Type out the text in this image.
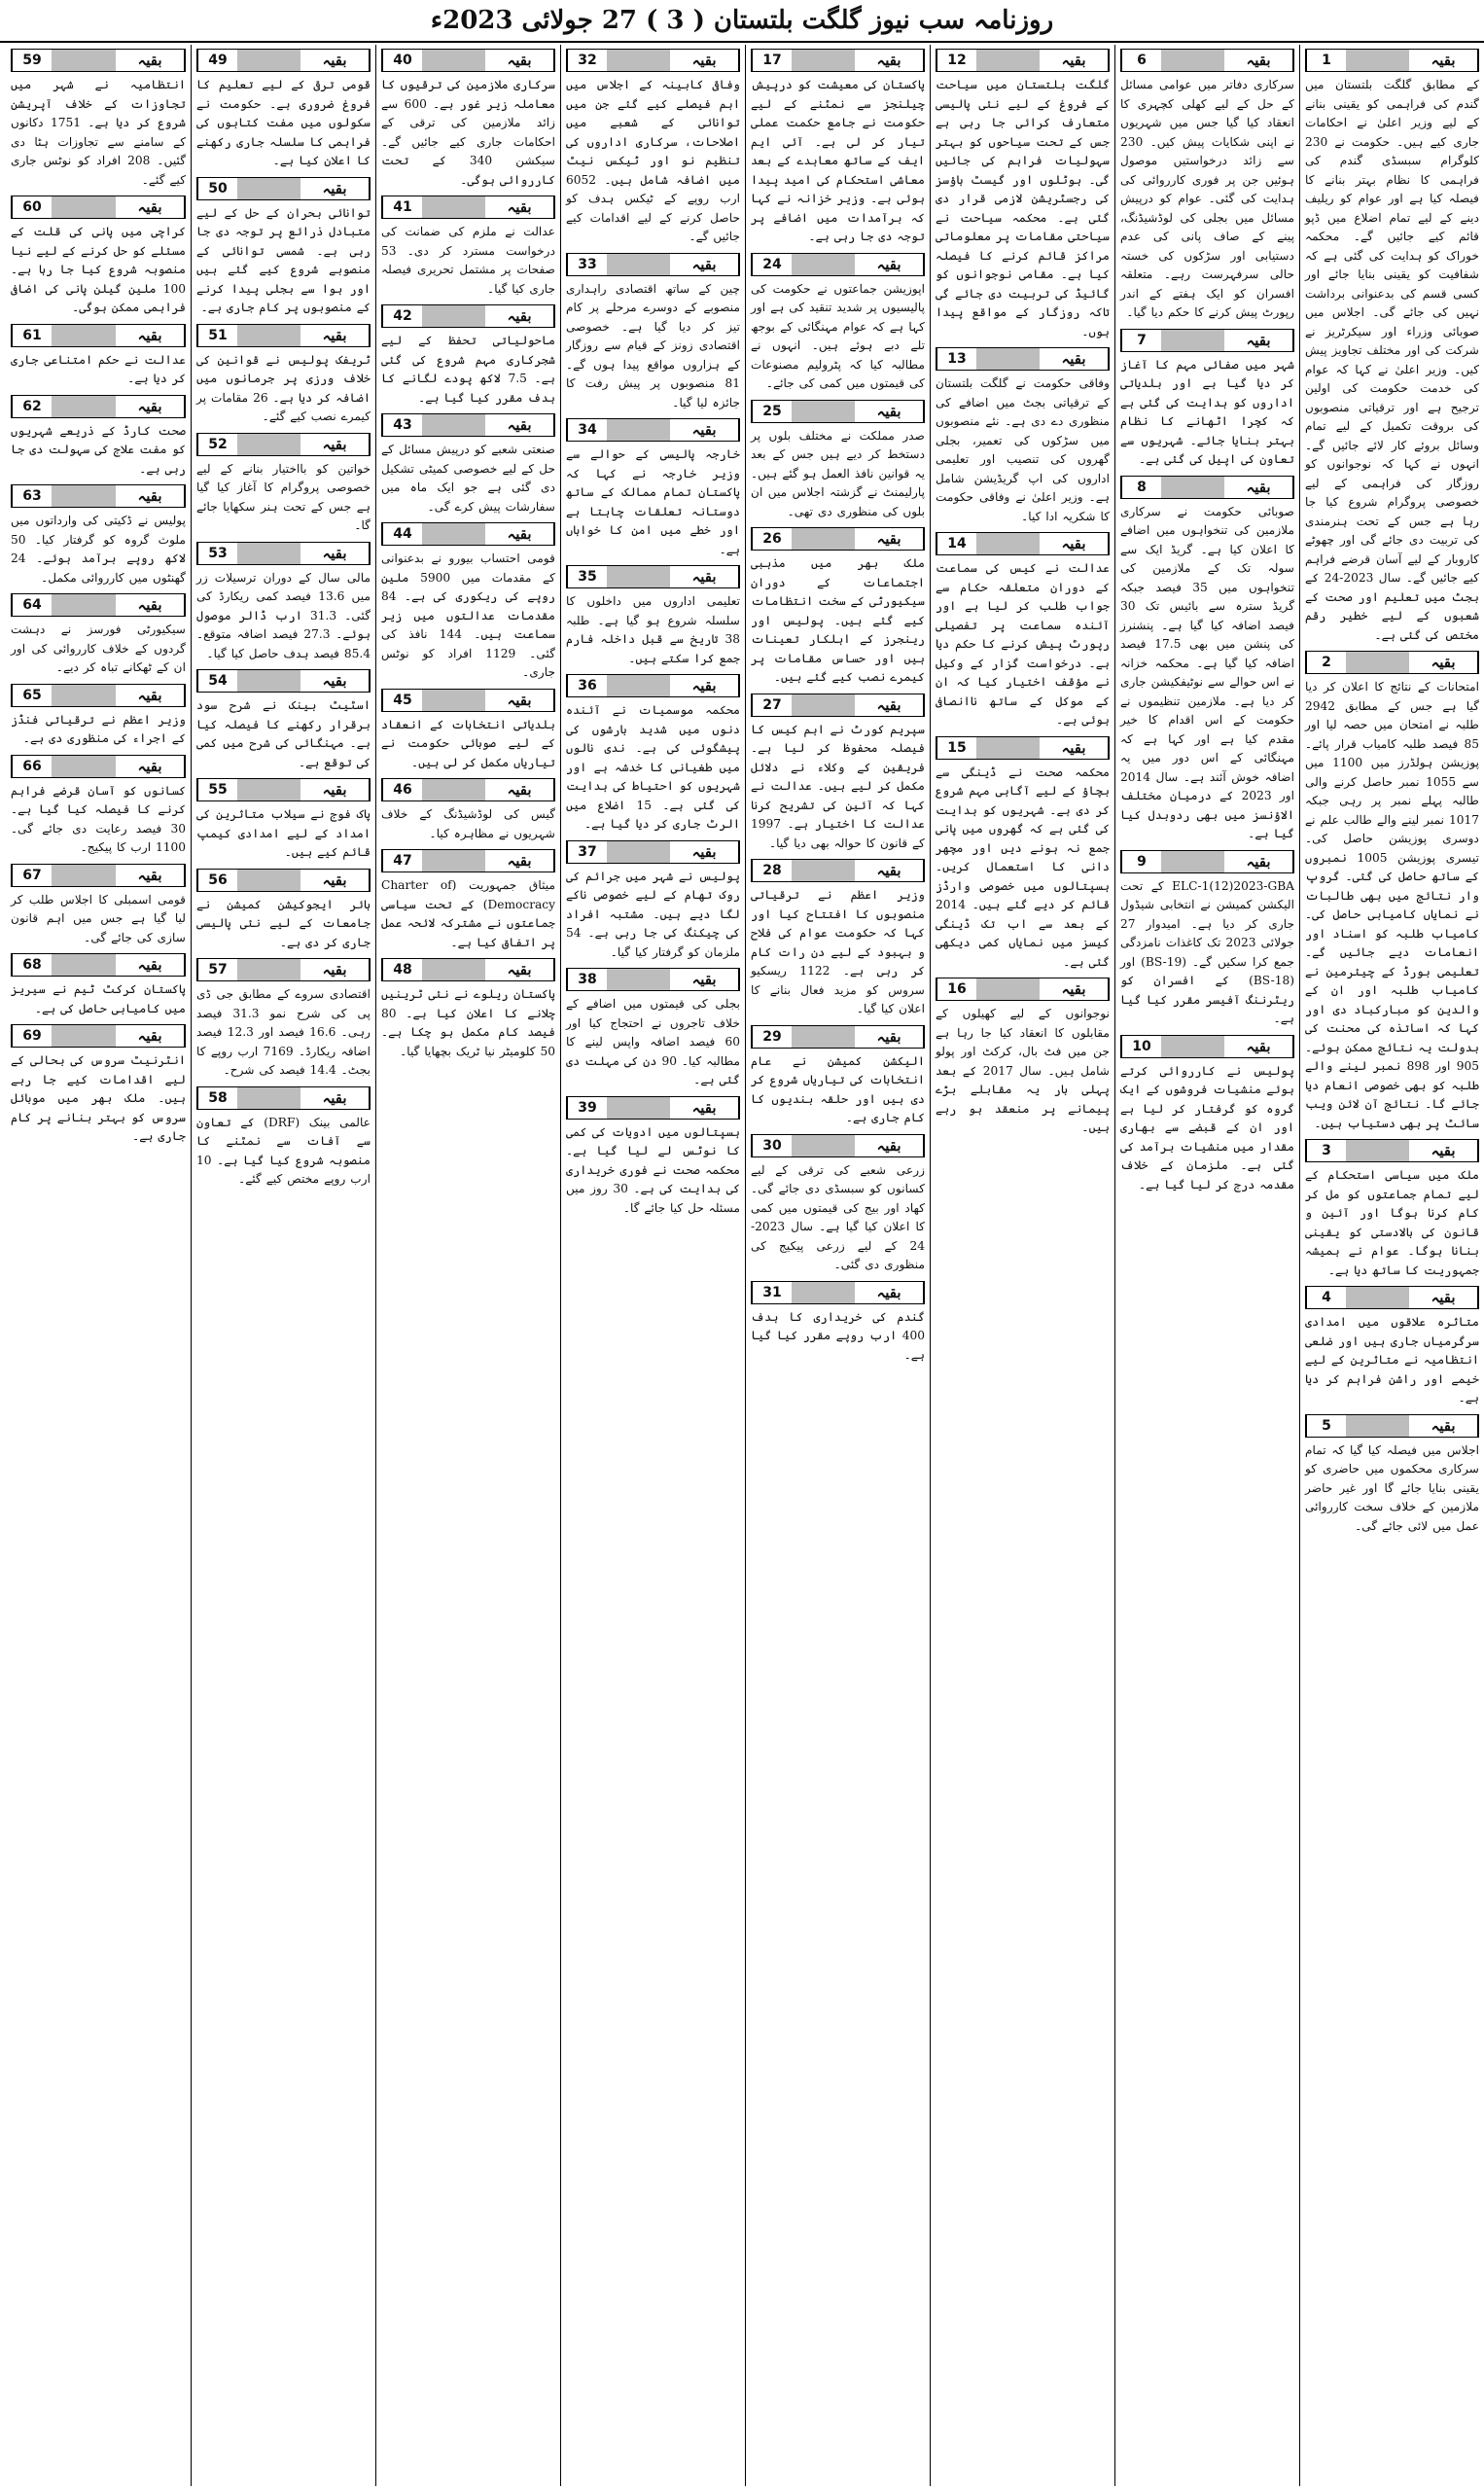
روزنامہ سب نیوز گلگت بلتستان ( 3 ) 27 جولائی 2023ء
1	بقیہ
کے مطابق گلگت بلتستان میں گندم کی فراہمی کو یقینی بنانے کے لیے وزیر اعلیٰ نے احکامات جاری کیے ہیں۔ حکومت نے 230 کلوگرام سبسڈی گندم کی فراہمی کا نظام بہتر بنانے کا فیصلہ کیا ہے اور عوام کو ریلیف دینے کے لیے تمام اضلاع میں ڈپو قائم کیے جائیں گے۔ محکمہ خوراک کو ہدایت کی گئی ہے کہ شفافیت کو یقینی بنایا جائے اور کسی قسم کی بدعنوانی برداشت نہیں کی جائے گی۔ اجلاس میں صوبائی وزراء اور سیکرٹریز نے شرکت کی اور مختلف تجاویز پیش کیں۔ وزیر اعلیٰ نے کہا کہ عوام کی خدمت حکومت کی اولین ترجیح ہے اور ترقیاتی منصوبوں کی بروقت تکمیل کے لیے تمام وسائل بروئے کار لائے جائیں گے۔ انہوں نے کہا کہ نوجوانوں کو روزگار کی فراہمی کے لیے خصوصی پروگرام شروع کیا جا رہا ہے جس کے تحت ہنرمندی کی تربیت دی جائے گی اور چھوٹے کاروبار کے لیے آسان قرضے فراہم کیے جائیں گے۔ سال 2023-24 کے بجٹ میں تعلیم اور صحت کے شعبوں کے لیے خطیر رقم مختص کی گئی ہے۔
2	بقیہ
امتحانات کے نتائج کا اعلان کر دیا گیا ہے جس کے مطابق 2942 طلبہ نے امتحان میں حصہ لیا اور 85 فیصد طلبہ کامیاب قرار پائے۔ پوزیشن ہولڈرز میں 1100 میں سے 1055 نمبر حاصل کرنے والی طالبہ پہلے نمبر پر رہی جبکہ 1017 نمبر لینے والے طالب علم نے دوسری پوزیشن حاصل کی۔ تیسری پوزیشن 1005 نمبروں کے ساتھ حاصل کی گئی۔ گروپ وار نتائج میں بھی طالبات نے نمایاں کامیابی حاصل کی۔ کامیاب طلبہ کو اسناد اور انعامات دیے جائیں گے۔ تعلیمی بورڈ کے چیئرمین نے کامیاب طلبہ اور ان کے والدین کو مبارکباد دی اور کہا کہ اساتذہ کی محنت کی بدولت یہ نتائج ممکن ہوئے۔ 905 اور 898 نمبر لینے والے طلبہ کو بھی خصوصی انعام دیا جائے گا۔ نتائج آن لائن ویب سائٹ پر بھی دستیاب ہیں۔
3	بقیہ
ملک میں سیاسی استحکام کے لیے تمام جماعتوں کو مل کر کام کرنا ہوگا اور آئین و قانون کی بالادستی کو یقینی بنانا ہوگا۔ عوام نے ہمیشہ جمہوریت کا ساتھ دیا ہے۔
4	بقیہ
متاثرہ علاقوں میں امدادی سرگرمیاں جاری ہیں اور ضلعی انتظامیہ نے متاثرین کے لیے خیمے اور راشن فراہم کر دیا ہے۔
5	بقیہ
اجلاس میں فیصلہ کیا گیا کہ تمام سرکاری محکموں میں حاضری کو یقینی بنایا جائے گا اور غیر حاضر ملازمین کے خلاف سخت کارروائی عمل میں لائی جائے گی۔
6	بقیہ
سرکاری دفاتر میں عوامی مسائل کے حل کے لیے کھلی کچہری کا انعقاد کیا گیا جس میں شہریوں نے اپنی شکایات پیش کیں۔ 230 سے زائد درخواستیں موصول ہوئیں جن پر فوری کارروائی کی ہدایت کی گئی۔ عوام کو درپیش مسائل میں بجلی کی لوڈشیڈنگ، پینے کے صاف پانی کی عدم دستیابی اور سڑکوں کی خستہ حالی سرفہرست رہے۔ متعلقہ افسران کو ایک ہفتے کے اندر رپورٹ پیش کرنے کا حکم دیا گیا۔
7	بقیہ
شہر میں صفائی مہم کا آغاز کر دیا گیا ہے اور بلدیاتی اداروں کو ہدایت کی گئی ہے کہ کچرا اٹھانے کا نظام بہتر بنایا جائے۔ شہریوں سے تعاون کی اپیل کی گئی ہے۔
8	بقیہ
صوبائی حکومت نے سرکاری ملازمین کی تنخواہوں میں اضافے کا اعلان کیا ہے۔ گریڈ ایک سے سولہ تک کے ملازمین کی تنخواہوں میں 35 فیصد جبکہ گریڈ سترہ سے بائیس تک 30 فیصد اضافہ کیا گیا ہے۔ پنشنرز کی پنشن میں بھی 17.5 فیصد اضافہ کیا گیا ہے۔ محکمہ خزانہ نے اس حوالے سے نوٹیفکیشن جاری کر دیا ہے۔ ملازمین تنظیموں نے حکومت کے اس اقدام کا خیر مقدم کیا ہے اور کہا ہے کہ مہنگائی کے اس دور میں یہ اضافہ خوش آئند ہے۔ سال 2014 اور 2023 کے درمیان مختلف الاؤنسز میں بھی ردوبدل کیا گیا ہے۔
9	بقیہ
ELC-1(12)2023-GBA کے تحت الیکشن کمیشن نے انتخابی شیڈول جاری کر دیا ہے۔ امیدوار 27 جولائی 2023 تک کاغذات نامزدگی جمع کرا سکیں گے۔ (BS-19) اور (BS-18) کے افسران کو ریٹرننگ آفیسر مقرر کیا گیا ہے۔
10	بقیہ
پولیس نے کارروائی کرتے ہوئے منشیات فروشوں کے ایک گروہ کو گرفتار کر لیا ہے اور ان کے قبضے سے بھاری مقدار میں منشیات برآمد کی گئی ہے۔ ملزمان کے خلاف مقدمہ درج کر لیا گیا ہے۔
12	بقیہ
گلگت بلتستان میں سیاحت کے فروغ کے لیے نئی پالیسی متعارف کرائی جا رہی ہے جس کے تحت سیاحوں کو بہتر سہولیات فراہم کی جائیں گی۔ ہوٹلوں اور گیسٹ ہاؤسز کی رجسٹریشن لازمی قرار دی گئی ہے۔ محکمہ سیاحت نے سیاحتی مقامات پر معلوماتی مراکز قائم کرنے کا فیصلہ کیا ہے۔ مقامی نوجوانوں کو گائیڈ کی تربیت دی جائے گی تاکہ روزگار کے مواقع پیدا ہوں۔
13	بقیہ
وفاقی حکومت نے گلگت بلتستان کے ترقیاتی بجٹ میں اضافے کی منظوری دے دی ہے۔ نئے منصوبوں میں سڑکوں کی تعمیر، بجلی گھروں کی تنصیب اور تعلیمی اداروں کی اپ گریڈیشن شامل ہے۔ وزیر اعلیٰ نے وفاقی حکومت کا شکریہ ادا کیا۔
14	بقیہ
عدالت نے کیس کی سماعت کے دوران متعلقہ حکام سے جواب طلب کر لیا ہے اور آئندہ سماعت پر تفصیلی رپورٹ پیش کرنے کا حکم دیا ہے۔ درخواست گزار کے وکیل نے مؤقف اختیار کیا کہ ان کے موکل کے ساتھ ناانصافی ہوئی ہے۔
15	بقیہ
محکمہ صحت نے ڈینگی سے بچاؤ کے لیے آگاہی مہم شروع کر دی ہے۔ شہریوں کو ہدایت کی گئی ہے کہ گھروں میں پانی جمع نہ ہونے دیں اور مچھر دانی کا استعمال کریں۔ ہسپتالوں میں خصوصی وارڈز قائم کر دیے گئے ہیں۔ 2014 کے بعد سے اب تک ڈینگی کیسز میں نمایاں کمی دیکھی گئی ہے۔
16	بقیہ
نوجوانوں کے لیے کھیلوں کے مقابلوں کا انعقاد کیا جا رہا ہے جن میں فٹ بال، کرکٹ اور پولو شامل ہیں۔ سال 2017 کے بعد پہلی بار یہ مقابلے بڑے پیمانے پر منعقد ہو رہے ہیں۔
17	بقیہ
پاکستان کی معیشت کو درپیش چیلنجز سے نمٹنے کے لیے حکومت نے جامع حکمت عملی تیار کر لی ہے۔ آئی ایم ایف کے ساتھ معاہدے کے بعد معاشی استحکام کی امید پیدا ہوئی ہے۔ وزیر خزانہ نے کہا کہ برآمدات میں اضافے پر توجہ دی جا رہی ہے۔
24	بقیہ
اپوزیشن جماعتوں نے حکومت کی پالیسیوں پر شدید تنقید کی ہے اور کہا ہے کہ عوام مہنگائی کے بوجھ تلے دبے ہوئے ہیں۔ انہوں نے مطالبہ کیا کہ پٹرولیم مصنوعات کی قیمتوں میں کمی کی جائے۔
25	بقیہ
صدر مملکت نے مختلف بلوں پر دستخط کر دیے ہیں جس کے بعد یہ قوانین نافذ العمل ہو گئے ہیں۔ پارلیمنٹ نے گزشتہ اجلاس میں ان بلوں کی منظوری دی تھی۔
26	بقیہ
ملک بھر میں مذہبی اجتماعات کے دوران سیکیورٹی کے سخت انتظامات کیے گئے ہیں۔ پولیس اور رینجرز کے اہلکار تعینات ہیں اور حساس مقامات پر کیمرے نصب کیے گئے ہیں۔
27	بقیہ
سپریم کورٹ نے اہم کیس کا فیصلہ محفوظ کر لیا ہے۔ فریقین کے وکلاء نے دلائل مکمل کر لیے ہیں۔ عدالت نے کہا کہ آئین کی تشریح کرنا عدالت کا اختیار ہے۔ 1997 کے قانون کا حوالہ بھی دیا گیا۔
28	بقیہ
وزیر اعظم نے ترقیاتی منصوبوں کا افتتاح کیا اور کہا کہ حکومت عوام کی فلاح و بہبود کے لیے دن رات کام کر رہی ہے۔ 1122 ریسکیو سروس کو مزید فعال بنانے کا اعلان کیا گیا۔
29	بقیہ
الیکشن کمیشن نے عام انتخابات کی تیاریاں شروع کر دی ہیں اور حلقہ بندیوں کا کام جاری ہے۔
30	بقیہ
زرعی شعبے کی ترقی کے لیے کسانوں کو سبسڈی دی جائے گی۔ کھاد اور بیج کی قیمتوں میں کمی کا اعلان کیا گیا ہے۔ سال 2023-24 کے لیے زرعی پیکیج کی منظوری دی گئی۔
31	بقیہ
گندم کی خریداری کا ہدف 400 ارب روپے مقرر کیا گیا ہے۔
32	بقیہ
وفاقی کابینہ کے اجلاس میں اہم فیصلے کیے گئے جن میں توانائی کے شعبے میں اصلاحات، سرکاری اداروں کی تنظیم نو اور ٹیکس نیٹ میں اضافہ شامل ہیں۔ 6052 ارب روپے کے ٹیکس ہدف کو حاصل کرنے کے لیے اقدامات کیے جائیں گے۔
33	بقیہ
چین کے ساتھ اقتصادی راہداری منصوبے کے دوسرے مرحلے پر کام تیز کر دیا گیا ہے۔ خصوصی اقتصادی زونز کے قیام سے روزگار کے ہزاروں مواقع پیدا ہوں گے۔ 81 منصوبوں پر پیش رفت کا جائزہ لیا گیا۔
34	بقیہ
خارجہ پالیسی کے حوالے سے وزیر خارجہ نے کہا کہ پاکستان تمام ممالک کے ساتھ دوستانہ تعلقات چاہتا ہے اور خطے میں امن کا خواہاں ہے۔
35	بقیہ
تعلیمی اداروں میں داخلوں کا سلسلہ شروع ہو گیا ہے۔ طلبہ 38 تاریخ سے قبل داخلہ فارم جمع کرا سکتے ہیں۔
36	بقیہ
محکمہ موسمیات نے آئندہ دنوں میں شدید بارشوں کی پیشگوئی کی ہے۔ ندی نالوں میں طغیانی کا خدشہ ہے اور شہریوں کو احتیاط کی ہدایت کی گئی ہے۔ 15 اضلاع میں الرٹ جاری کر دیا گیا ہے۔
37	بقیہ
پولیس نے شہر میں جرائم کی روک تھام کے لیے خصوصی ناکے لگا دیے ہیں۔ مشتبہ افراد کی چیکنگ کی جا رہی ہے۔ 54 ملزمان کو گرفتار کیا گیا۔
38	بقیہ
بجلی کی قیمتوں میں اضافے کے خلاف تاجروں نے احتجاج کیا اور 60 فیصد اضافہ واپس لینے کا مطالبہ کیا۔ 90 دن کی مہلت دی گئی ہے۔
39	بقیہ
ہسپتالوں میں ادویات کی کمی کا نوٹس لے لیا گیا ہے۔ محکمہ صحت نے فوری خریداری کی ہدایت کی ہے۔ 30 روز میں مسئلہ حل کیا جائے گا۔
40	بقیہ
سرکاری ملازمین کی ترقیوں کا معاملہ زیر غور ہے۔ 600 سے زائد ملازمین کی ترقی کے احکامات جاری کیے جائیں گے۔ سیکشن 340 کے تحت کارروائی ہوگی۔
41	بقیہ
عدالت نے ملزم کی ضمانت کی درخواست مسترد کر دی۔ 53 صفحات پر مشتمل تحریری فیصلہ جاری کیا گیا۔
42	بقیہ
ماحولیاتی تحفظ کے لیے شجرکاری مہم شروع کی گئی ہے۔ 7.5 لاکھ پودے لگانے کا ہدف مقرر کیا گیا ہے۔
43	بقیہ
صنعتی شعبے کو درپیش مسائل کے حل کے لیے خصوصی کمیٹی تشکیل دی گئی ہے جو ایک ماہ میں سفارشات پیش کرے گی۔
44	بقیہ
قومی احتساب بیورو نے بدعنوانی کے مقدمات میں 5900 ملین روپے کی ریکوری کی ہے۔ 84 مقدمات عدالتوں میں زیر سماعت ہیں۔ 144 نافذ کی گئی۔ 1129 افراد کو نوٹس جاری۔
45	بقیہ
بلدیاتی انتخابات کے انعقاد کے لیے صوبائی حکومت نے تیاریاں مکمل کر لی ہیں۔
46	بقیہ
گیس کی لوڈشیڈنگ کے خلاف شہریوں نے مظاہرہ کیا۔
47	بقیہ
میثاق جمہوریت (Charter of Democracy) کے تحت سیاسی جماعتوں نے مشترکہ لائحہ عمل پر اتفاق کیا ہے۔
48	بقیہ
پاکستان ریلوے نے نئی ٹرینیں چلانے کا اعلان کیا ہے۔ 80 فیصد کام مکمل ہو چکا ہے۔ 50 کلومیٹر نیا ٹریک بچھایا گیا۔
49	بقیہ
قومی ترقی کے لیے تعلیم کا فروغ ضروری ہے۔ حکومت نے سکولوں میں مفت کتابوں کی فراہمی کا سلسلہ جاری رکھنے کا اعلان کیا ہے۔
50	بقیہ
توانائی بحران کے حل کے لیے متبادل ذرائع پر توجہ دی جا رہی ہے۔ شمسی توانائی کے منصوبے شروع کیے گئے ہیں اور ہوا سے بجلی پیدا کرنے کے منصوبوں پر کام جاری ہے۔
51	بقیہ
ٹریفک پولیس نے قوانین کی خلاف ورزی پر جرمانوں میں اضافہ کر دیا ہے۔ 26 مقامات پر کیمرے نصب کیے گئے۔
52	بقیہ
خواتین کو بااختیار بنانے کے لیے خصوصی پروگرام کا آغاز کیا گیا ہے جس کے تحت ہنر سکھایا جائے گا۔
53	بقیہ
مالی سال کے دوران ترسیلات زر میں 13.6 فیصد کمی ریکارڈ کی گئی۔ 31.3 ارب ڈالر موصول ہوئے۔ 27.3 فیصد اضافہ متوقع۔ 85.4 فیصد ہدف حاصل کیا گیا۔
54	بقیہ
اسٹیٹ بینک نے شرح سود برقرار رکھنے کا فیصلہ کیا ہے۔ مہنگائی کی شرح میں کمی کی توقع ہے۔
55	بقیہ
پاک فوج نے سیلاب متاثرین کی امداد کے لیے امدادی کیمپ قائم کیے ہیں۔
56	بقیہ
ہائر ایجوکیشن کمیشن نے جامعات کے لیے نئی پالیسی جاری کر دی ہے۔
57	بقیہ
اقتصادی سروے کے مطابق جی ڈی پی کی شرح نمو 31.3 فیصد رہی۔ 16.6 فیصد اور 12.3 فیصد اضافہ ریکارڈ۔ 7169 ارب روپے کا بجٹ۔ 14.4 فیصد کی شرح۔
58	بقیہ
عالمی بینک (DRF) کے تعاون سے آفات سے نمٹنے کا منصوبہ شروع کیا گیا ہے۔ 10 ارب روپے مختص کیے گئے۔
59	بقیہ
انتظامیہ نے شہر میں تجاوزات کے خلاف آپریشن شروع کر دیا ہے۔ 1751 دکانوں کے سامنے سے تجاوزات ہٹا دی گئیں۔ 208 افراد کو نوٹس جاری کیے گئے۔
60	بقیہ
کراچی میں پانی کی قلت کے مسئلے کو حل کرنے کے لیے نیا منصوبہ شروع کیا جا رہا ہے۔ 100 ملین گیلن پانی کی اضافی فراہمی ممکن ہوگی۔
61	بقیہ
عدالت نے حکم امتناعی جاری کر دیا ہے۔
62	بقیہ
صحت کارڈ کے ذریعے شہریوں کو مفت علاج کی سہولت دی جا رہی ہے۔
63	بقیہ
پولیس نے ڈکیتی کی وارداتوں میں ملوث گروہ کو گرفتار کیا۔ 50 لاکھ روپے برآمد ہوئے۔ 24 گھنٹوں میں کارروائی مکمل۔
64	بقیہ
سیکیورٹی فورسز نے دہشت گردوں کے خلاف کارروائی کی اور ان کے ٹھکانے تباہ کر دیے۔
65	بقیہ
وزیر اعظم نے ترقیاتی فنڈز کے اجراء کی منظوری دی ہے۔
66	بقیہ
کسانوں کو آسان قرضے فراہم کرنے کا فیصلہ کیا گیا ہے۔ 30 فیصد رعایت دی جائے گی۔ 1100 ارب کا پیکیج۔
67	بقیہ
قومی اسمبلی کا اجلاس طلب کر لیا گیا ہے جس میں اہم قانون سازی کی جائے گی۔
68	بقیہ
پاکستان کرکٹ ٹیم نے سیریز میں کامیابی حاصل کی ہے۔
69	بقیہ
انٹرنیٹ سروس کی بحالی کے لیے اقدامات کیے جا رہے ہیں۔ ملک بھر میں موبائل سروس کو بہتر بنانے پر کام جاری ہے۔
